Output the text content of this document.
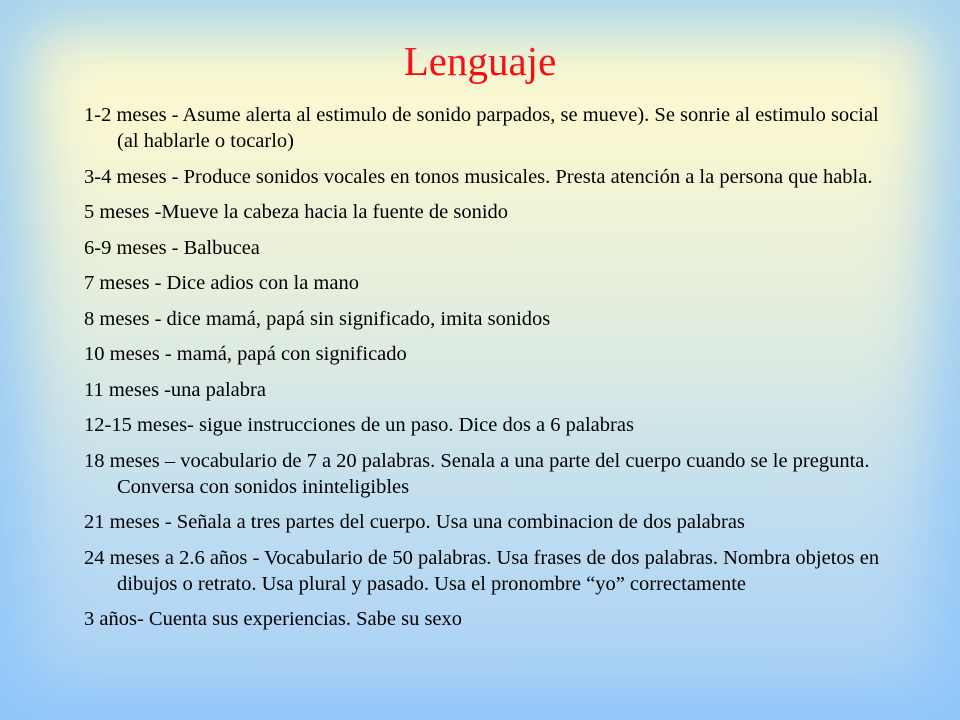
Lenguaje
1-2 meses - Asume alerta al estimulo de sonido parpados, se mueve). Se sonrie al estimulo social (al hablarle o tocarlo)
3-4 meses - Produce sonidos vocales en tonos musicales. Presta atención a la persona que habla.
5 meses -Mueve la cabeza hacia la fuente de sonido
6-9 meses - Balbucea
7 meses - Dice adios con la mano
8 meses - dice mamá, papá sin significado, imita sonidos
10 meses - mamá, papá con significado
11 meses -una palabra
12-15 meses- sigue instrucciones de un paso. Dice dos a 6 palabras
18 meses – vocabulario de 7 a 20 palabras. Senala a una parte del cuerpo cuando se le pregunta. Conversa con sonidos ininteligibles
21 meses - Señala a tres partes del cuerpo. Usa una combinacion de dos palabras
24 meses a 2.6 años - Vocabulario de 50 palabras. Usa frases de dos palabras. Nombra objetos en dibujos o retrato. Usa plural y pasado. Usa el pronombre “yo” correctamente
3 años- Cuenta sus experiencias. Sabe su sexo
